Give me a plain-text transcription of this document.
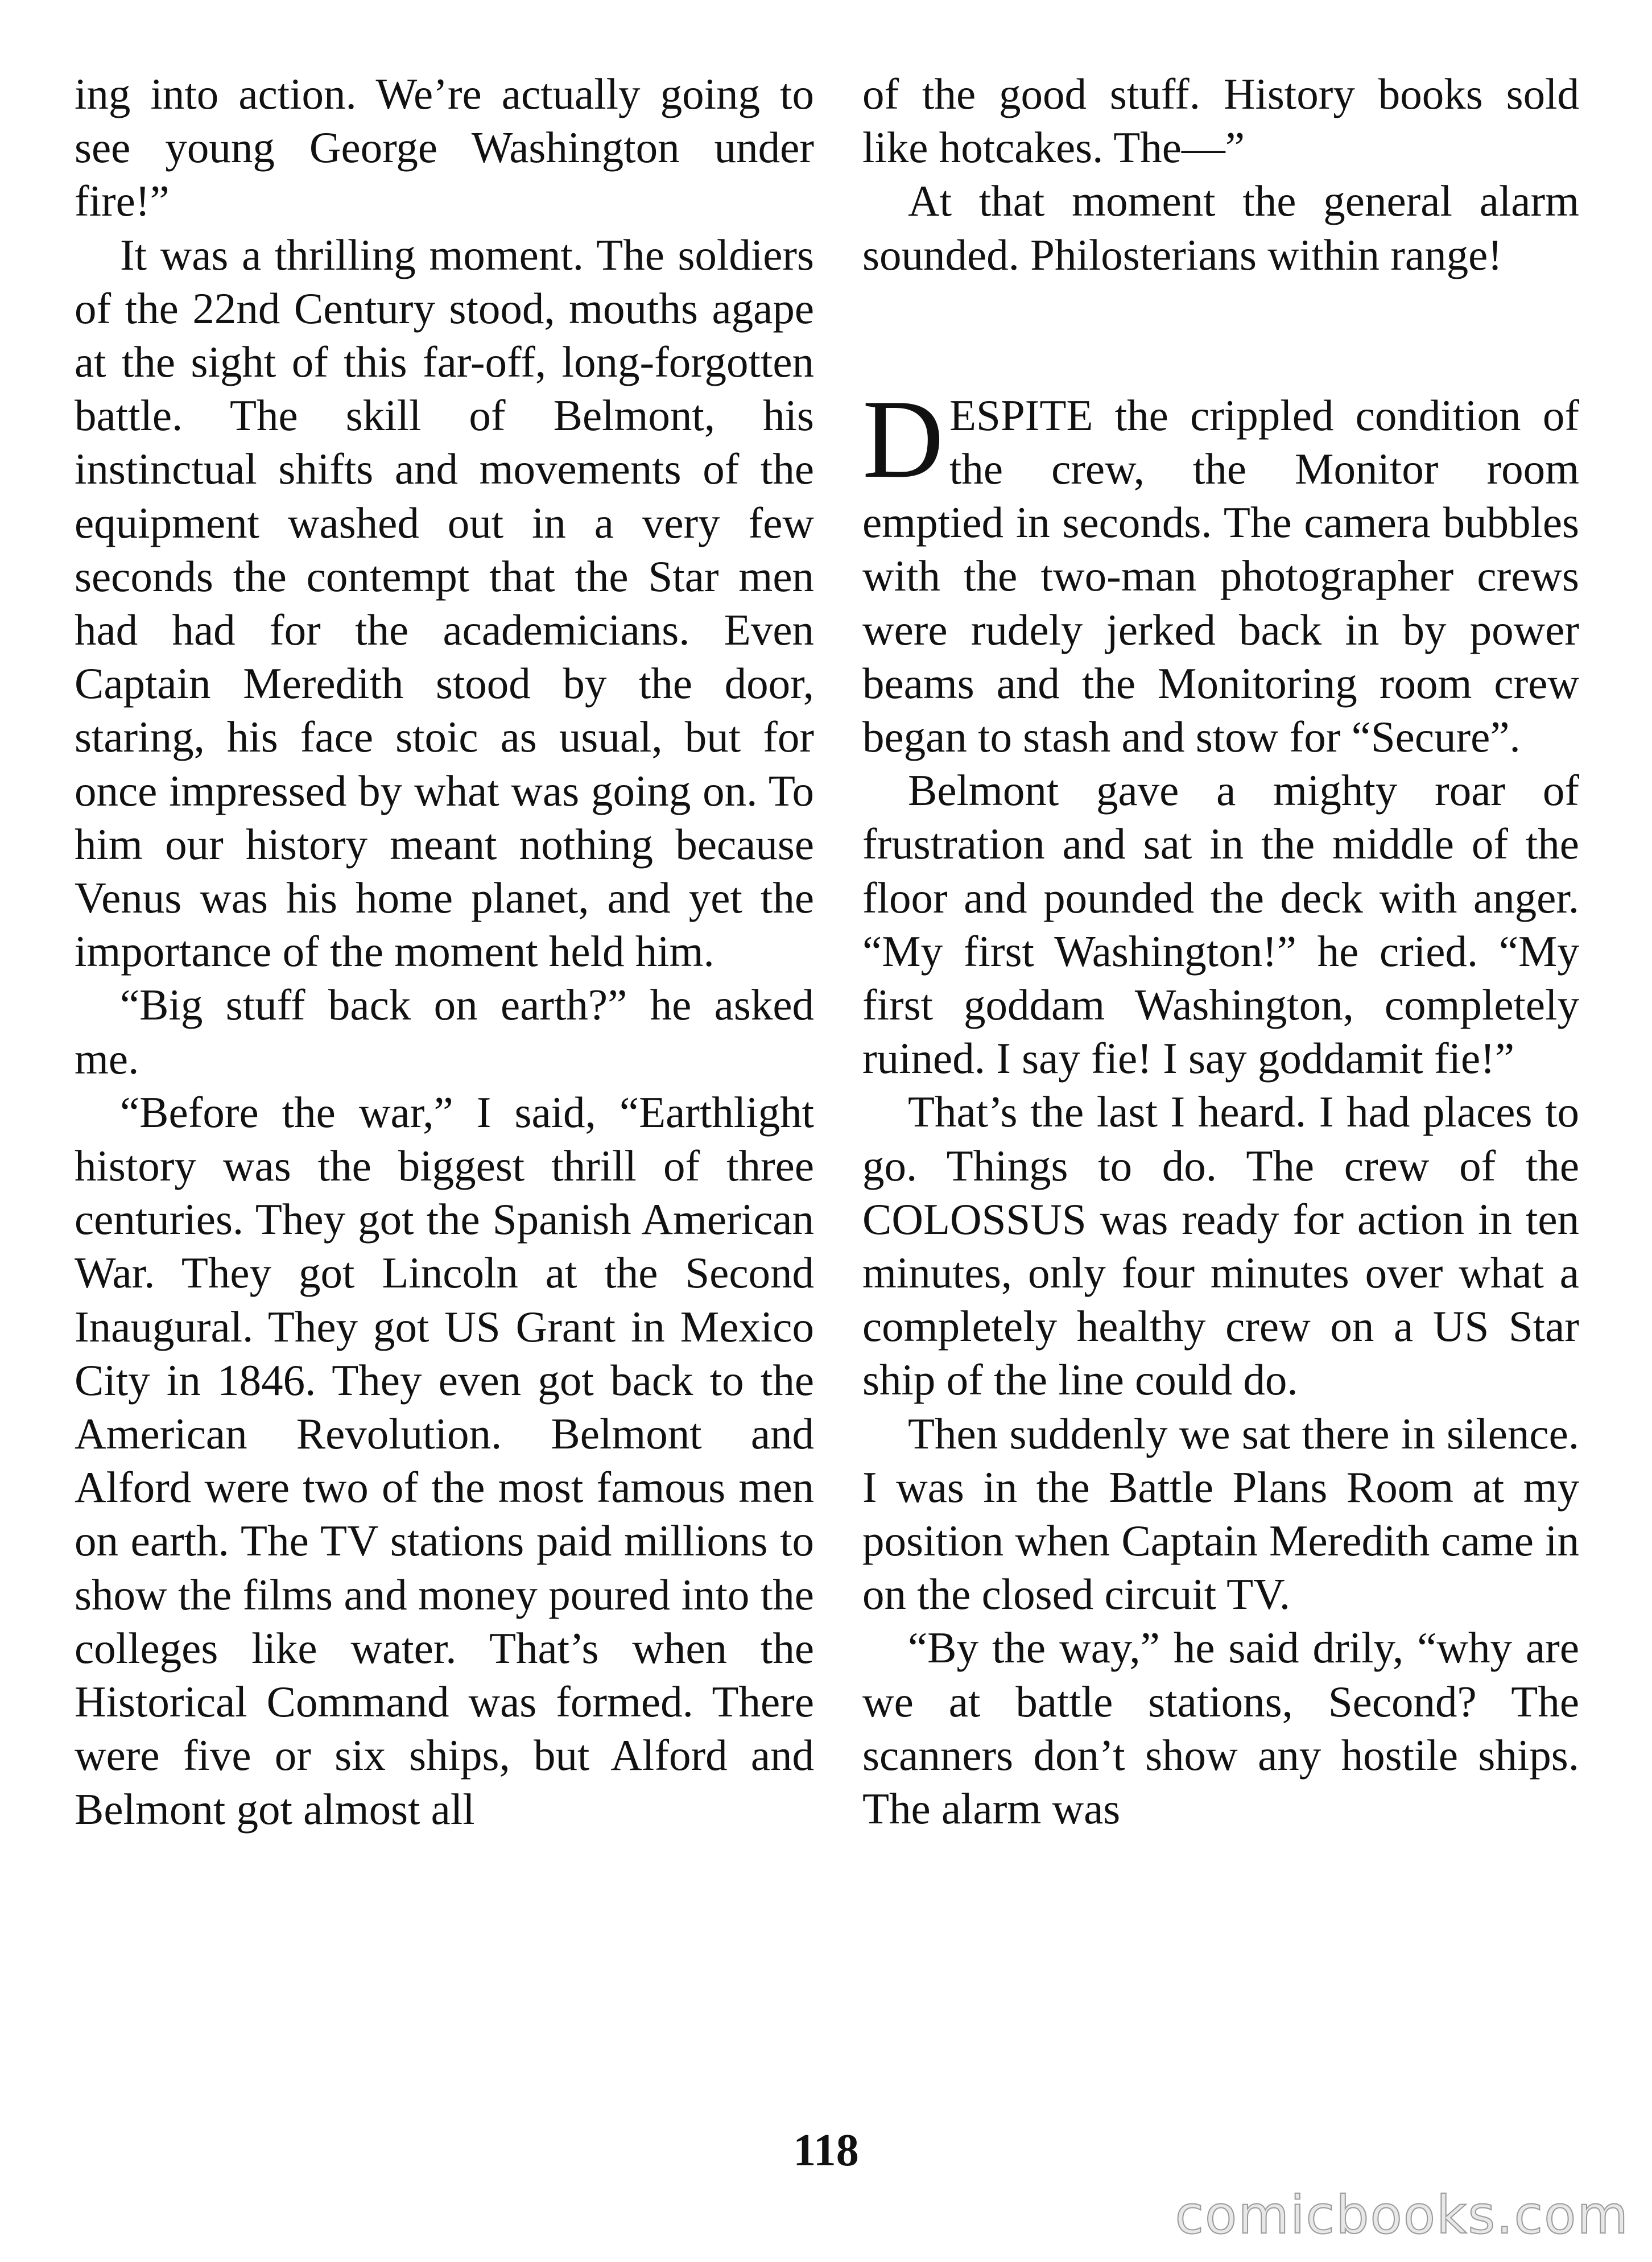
ing into action. We’re actually going to see young George Washington under fire!”

It was a thrilling moment. The soldiers of the 22nd Century stood, mouths agape at the sight of this far-off, long-forgotten battle. The skill of Belmont, his instinctual shifts and movements of the equipment washed out in a very few seconds the contempt that the Star men had had for the academicians. Even Captain Meredith stood by the door, staring, his face stoic as usual, but for once impressed by what was going on. To him our history meant nothing because Venus was his home planet, and yet the importance of the moment held him.

“Big stuff back on earth?” he asked me.

“Before the war,” I said, “Earthlight history was the biggest thrill of three centuries. They got the Spanish American War. They got Lincoln at the Second Inaugural. They got US Grant in Mexico City in 1846. They even got back to the American Revolution. Belmont and Alford were two of the most famous men on earth. The TV stations paid millions to show the films and money poured into the colleges like water. That’s when the Historical Command was formed. There were five or six ships, but Alford and Belmont got almost all

of the good stuff. History books sold like hotcakes. The—”

At that moment the general alarm sounded. Philosterians within range!

DESPITE the crippled condition of the crew, the Monitor room emptied in seconds. The camera bubbles with the two-man photographer crews were rudely jerked back in by power beams and the Monitoring room crew began to stash and stow for “Secure”.

Belmont gave a mighty roar of frustration and sat in the middle of the floor and pounded the deck with anger. “My first Washington!” he cried. “My first goddam Washington, completely ruined. I say fie! I say goddamit fie!”

That’s the last I heard. I had places to go. Things to do. The crew of the COLOSSUS was ready for action in ten minutes, only four minutes over what a completely healthy crew on a US Star ship of the line could do.

Then suddenly we sat there in silence. I was in the Battle Plans Room at my position when Captain Meredith came in on the closed circuit TV.

“By the way,” he said drily, “why are we at battle stations, Second? The scanners don’t show any hostile ships. The alarm was

118
comicbooks.com
